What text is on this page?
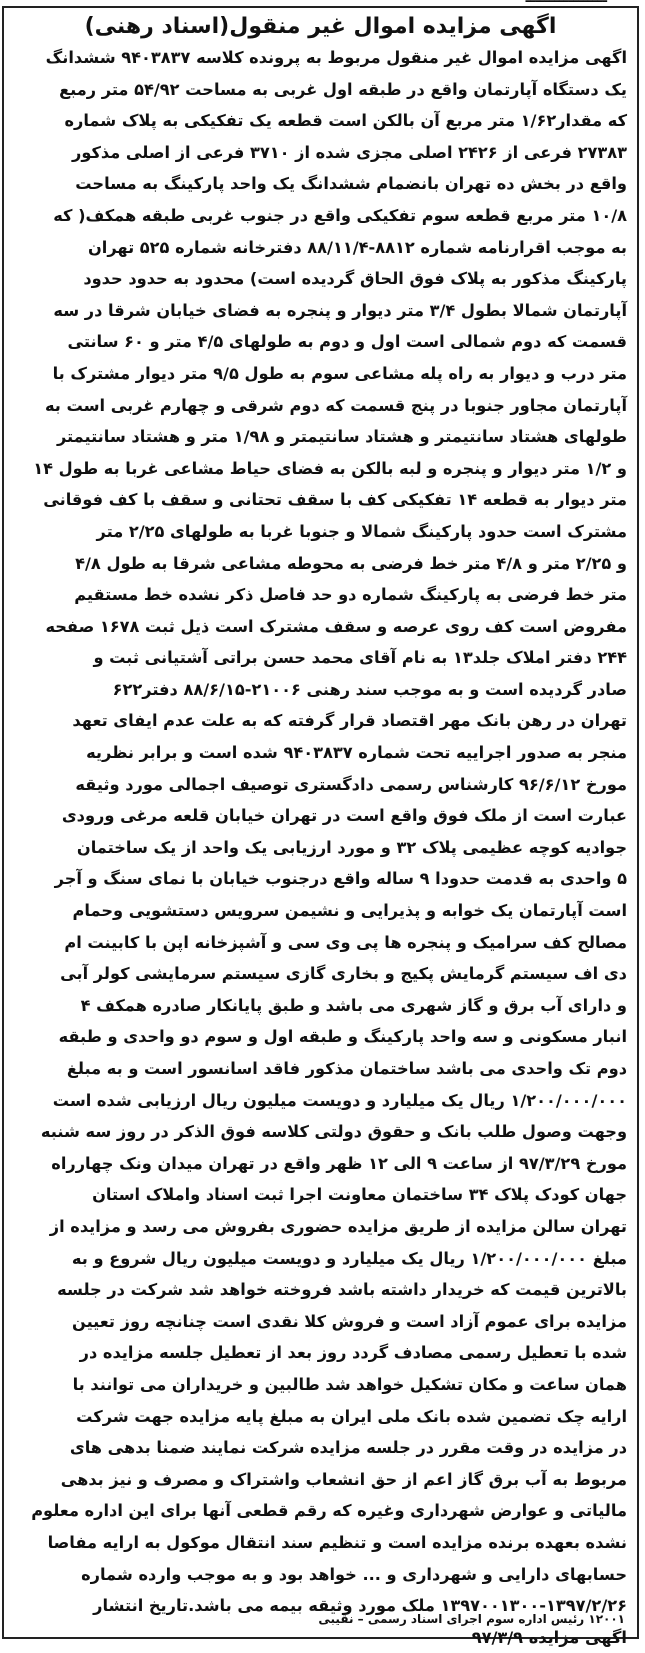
اگهی مزایده اموال غیر منقول(اسناد رهنی)
اگهی مزایده اموال غیر منقول مربوط به پرونده کلاسه ۹۴۰۳۸۳۷ ششدانگ
یک دستگاه آپارتمان واقع در طبقه اول غربی به مساحت ۵۴/۹۲ متر رمبع
که مقدار۱/۶۲ متر مربع آن بالکن است قطعه یک تفکیکی به پلاک شماره
۲۷۳۸۳ فرعی از ۲۴۲۶ اصلی مجزی شده از ۳۷۱۰ فرعی از اصلی مذکور
واقع در بخش ده تهران بانضمام ششدانگ یک واحد پارکینگ به مساحت
۱۰/۸ متر مربع قطعه سوم تفکیکی واقع در جنوب غربی طبقه همکف( که
به موجب اقرارنامه شماره ۸۸۱۲-۸۸/۱۱/۴ دفترخانه شماره ۵۲۵ تهران
پارکینگ مذکور به پلاک فوق الحاق گردیده است) محدود به حدود حدود
آپارتمان شمالا بطول ۳/۴ متر دیوار و پنجره به فضای خیابان شرقا در سه
قسمت که دوم شمالی است اول و دوم به طولهای ۴/۵ متر و ۶۰ سانتی
متر درب و دیوار به راه پله مشاعی سوم به طول ۹/۵ متر دیوار مشترک با
آپارتمان مجاور جنوبا در پنج قسمت که دوم شرقی و چهارم غربی است به
طولهای هشتاد سانتیمتر و هشتاد سانتیمتر و ۱/۹۸ متر و هشتاد سانتیمتر
و ۱/۲ متر دیوار و پنجره و لبه بالکن به فضای حیاط مشاعی غربا به طول ۱۴
متر دیوار به قطعه ۱۴ تفکیکی کف با سقف تحتانی و سقف با کف فوقانی
مشترک است حدود پارکینگ شمالا و جنوبا غربا به طولهای ۲/۲۵ متر
و ۲/۲۵ متر و ۴/۸ متر خط فرضی به محوطه مشاعی شرقا به طول ۴/۸
متر خط فرضی به پارکینگ شماره دو حد فاصل ذکر نشده خط مستقیم
مفروض است کف روی عرصه و سقف مشترک است ذیل ثبت ۱۶۷۸ صفحه
۲۴۴ دفتر املاک جلد۱۳ به نام آقای محمد حسن براتی آشتیانی ثبت و
صادر گردیده است و به موجب سند رهنی ۲۱۰۰۶-۸۸/۶/۱۵ دفتر۶۲۲
تهران در رهن بانک مهر اقتصاد قرار گرفته که به علت عدم ایفای تعهد
منجر به صدور اجراییه تحت شماره ۹۴۰۳۸۳۷ شده است و برابر نظریه
مورخ ۹۶/۶/۱۲ کارشناس رسمی دادگستری توصیف اجمالی مورد وثیقه
عبارت است از ملک فوق واقع است در تهران خیابان قلعه مرغی ورودی
جوادیه کوچه عظیمی پلاک ۳۲ و مورد ارزیابی یک واحد از یک ساختمان
۵ واحدی به قدمت حدودا ۹ ساله واقع درجنوب خیابان با نمای سنگ و آجر
است آپارتمان یک خوابه و پذیرایی و نشیمن سرویس دستشویی وحمام
مصالح کف سرامیک و پنجره ها پی وی سی و آشپزخانه اپن با کابینت ام
دی اف سیستم گرمایش پکیج و بخاری گازی سیستم سرمایشی کولر آبی
و دارای آب برق و گاز شهری می باشد و طبق پایانکار صادره همکف ۴
انبار مسکونی و سه واحد پارکینگ و طبقه اول و سوم دو واحدی و طبقه
دوم تک واحدی می باشد ساختمان مذکور فاقد اسانسور است و به مبلغ
۱/۲۰۰/۰۰۰/۰۰۰ ریال یک میلیارد و دویست میلیون ریال ارزیابی شده است
وجهت وصول طلب بانک و حقوق دولتی کلاسه فوق الذکر در روز سه شنبه
مورخ ۹۷/۳/۲۹ از ساعت ۹ الی ۱۲ ظهر واقع در تهران میدان ونک چهارراه
جهان کودک پلاک ۳۴ ساختمان معاونت اجرا ثبت اسناد واملاک استان
تهران سالن مزایده از طریق مزایده حضوری بفروش می رسد و مزایده از
مبلغ ۱/۲۰۰/۰۰۰/۰۰۰ ریال یک میلیارد و دویست میلیون ریال شروع و به
بالاترین قیمت که خریدار داشته باشد فروخته خواهد شد شرکت در جلسه
مزایده برای عموم آزاد است و فروش کلا نقدی است چنانچه روز تعیین
شده با تعطیل رسمی مصادف گردد روز بعد از تعطیل جلسه مزایده در
همان ساعت و مکان تشکیل خواهد شد طالبین و خریداران می توانند با
ارایه چک تضمین شده بانک ملی ایران به مبلغ پایه مزایده جهت شرکت
در مزایده در وقت مقرر در جلسه مزایده شرکت نمایند ضمنا بدهی های
مربوط به آب برق گاز اعم از حق انشعاب واشتراک و مصرف و نیز بدهی
مالیاتی و عوارض شهرداری وغیره که رقم قطعی آنها برای این اداره معلوم
نشده بعهده برنده مزایده است و تنظیم سند انتقال موکول به ارایه مفاصا
حسابهای دارایی و شهرداری و ... خواهد بود و به موجب وارده شماره
۱۳۹۷۰۰۱۳۰۰-۱۳۹۷/۲/۲۶ ملک مورد وثیقه بیمه می باشد.تاریخ انتشار
اگهی مزایده ۹۷/۳/۹
۱۲۰۰۱ رئیس اداره سوم اجرای اسناد رسمی – نقیبی
